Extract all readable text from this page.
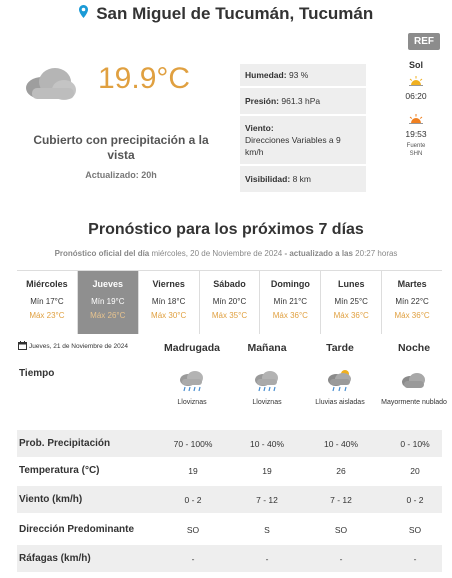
San Miguel de Tucumán, Tucumán
REF
19.9°C
Cubierto con precipitación a la vista
Actualizado: 20h
Humedad: 93 %
Presión: 961.3 hPa
Viento:
Direcciones Variables a 9 km/h
Visibilidad: 8 km
Sol
06:20
19:53
Fuente
SHN
Pronóstico para los próximos 7 días
Pronóstico oficial del día miércoles, 20 de Noviembre de 2024 - actualizado a las 20:27 horas
Miércoles
Mín 17°C
Máx 23°C
Jueves
Mín 19°C
Máx 26°C
Viernes
Mín 18°C
Máx 30°C
Sábado
Mín 20°C
Máx 35°C
Domingo
Mín 21°C
Máx 36°C
Lunes
Mín 25°C
Máx 36°C
Martes
Mín 22°C
Máx 36°C
Jueves, 21 de Noviembre de 2024	Madrugada	Mañana	Tarde	Noche
Tiempo
Lloviznas	Lloviznas	Lluvias aisladas	Mayormente nublado
Prob. Precipitación	70 - 100%	10 - 40%	10 - 40%	0 - 10%
Temperatura (°C)	19	19	26	20
Viento (km/h)	0 - 2	7 - 12	7 - 12	0 - 2
Dirección Predominante	SO	S	SO	SO
Ráfagas (km/h)	-	-	-	-
